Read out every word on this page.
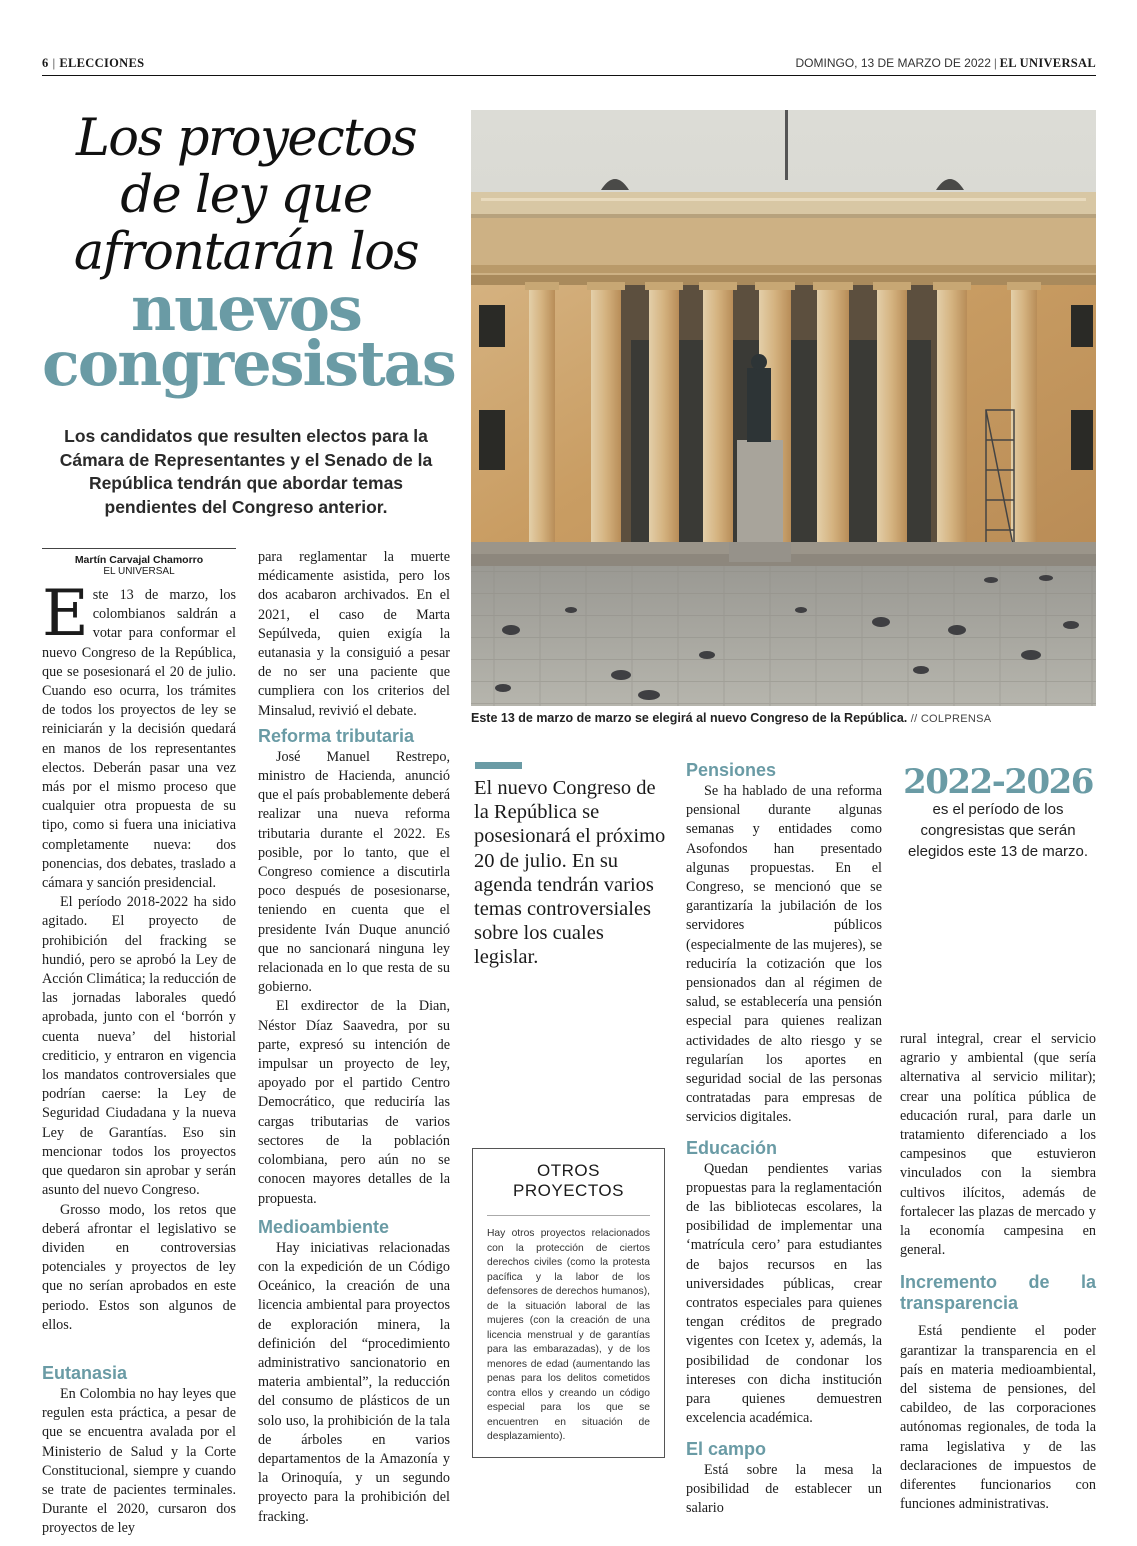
6 | ELECCIONES	DOMINGO, 13 DE MARZO DE 2022 | EL UNIVERSAL
Los proyectos
de ley que
afrontarán los
nuevos
congresistas
Los candidatos que resulten electos para la Cámara de Representantes y el Senado de la República tendrán que abordar temas pendientes del Congreso anterior.
Este 13 de marzo de marzo se elegirá al nuevo Congreso de la República. // COLPRENSA
Martín Carvajal Chamorro
EL UNIVERSAL

Este 13 de marzo, los colombianos saldrán a votar para conformar el nuevo Congreso de la República, que se posesionará el 20 de julio. Cuando eso ocurra, los trámites de todos los proyectos de ley se reiniciarán y la decisión quedará en manos de los representantes electos. Deberán pasar una vez más por el mismo proceso que cualquier otra propuesta de su tipo, como si fuera una iniciativa completamente nueva: dos ponencias, dos debates, traslado a cámara y sanción presidencial.

El período 2018-2022 ha sido agitado. El proyecto de prohibición del fracking se hundió, pero se aprobó la Ley de Acción Climática; la reducción de las jornadas laborales quedó aprobada, junto con el ‘borrón y cuenta nueva’ del historial crediticio, y entraron en vigencia los mandatos controversiales que podrían caerse: la Ley de Seguridad Ciudadana y la nueva Ley de Garantías. Eso sin mencionar todos los proyectos que quedaron sin aprobar y serán asunto del nuevo Congreso.

Grosso modo, los retos que deberá afrontar el legislativo se dividen en controversias potenciales y proyectos de ley que no serían aprobados en este periodo. Estos son algunos de ellos.

Eutanasia

En Colombia no hay leyes que regulen esta práctica, a pesar de que se encuentra avalada por el Ministerio de Salud y la Corte Constitucional, siempre y cuando se trate de pacientes terminales. Durante el 2020, cursaron dos proyectos de ley

para reglamentar la muerte médicamente asistida, pero los dos acabaron archivados. En el 2021, el caso de Marta Sepúlveda, quien exigía la eutanasia y la consiguió a pesar de no ser una paciente que cumpliera con los criterios del Minsalud, revivió el debate.

Reforma tributaria

José Manuel Restrepo, ministro de Hacienda, anunció que el país probablemente deberá realizar una nueva reforma tributaria durante el 2022. Es posible, por lo tanto, que el Congreso comience a discutirla poco después de posesionarse, teniendo en cuenta que el presidente Iván Duque anunció que no sancionará ninguna ley relacionada en lo que resta de su gobierno.

El exdirector de la Dian, Néstor Díaz Saavedra, por su parte, expresó su intención de impulsar un proyecto de ley, apoyado por el partido Centro Democrático, que reduciría las cargas tributarias de varios sectores de la población colombiana, pero aún no se conocen mayores detalles de la propuesta.

Medioambiente

Hay iniciativas relacionadas con la expedición de un Código Oceánico, la creación de una licencia ambiental para proyectos de exploración minera, la definición del “procedimiento administrativo sancionatorio en materia ambiental”, la reducción del consumo de plásticos de un solo uso, la prohibición de la tala de árboles en varios departamentos de la Amazonía y la Orinoquía, y un segundo proyecto para la prohibición del fracking.

El nuevo Congreso de la República se posesionará el próximo 20 de julio. En su agenda tendrán varios temas controversiales sobre los cuales legislar.
OTROS PROYECTOS
Hay otros proyectos relacionados con la protección de ciertos derechos civiles (como la protesta pacífica y la labor de los defensores de derechos humanos), de la situación laboral de las mujeres (con la creación de una licencia menstrual y de garantías para las embarazadas), y de los menores de edad (aumentando las penas para los delitos cometidos contra ellos y creando un código especial para los que se encuentren en situación de desplazamiento).
Pensiones

Se ha hablado de una reforma pensional durante algunas semanas y entidades como Asofondos han presentado algunas propuestas. En el Congreso, se mencionó que se garantizaría la jubilación de los servidores públicos (especialmente de las mujeres), se reduciría la cotización que los pensionados dan al régimen de salud, se establecería una pensión especial para quienes realizan actividades de alto riesgo y se regularían los aportes en seguridad social de las personas contratadas para empresas de servicios digitales.

Educación

Quedan pendientes varias propuestas para la reglamentación de las bibliotecas escolares, la posibilidad de implementar una ‘matrícula cero’ para estudiantes de bajos recursos en las universidades públicas, crear contratos especiales para quienes tengan créditos de pregrado vigentes con Icetex y, además, la posibilidad de condonar los intereses con dicha institución para quienes demuestren excelencia académica.

El campo

Está sobre la mesa la posibilidad de establecer un salario

2022-2026
es el período de los congresistas que serán elegidos este 13 de marzo.

rural integral, crear el servicio agrario y ambiental (que sería alternativa al servicio militar); crear una política pública de educación rural, para darle un tratamiento diferenciado a los campesinos que estuvieron vinculados con la siembra cultivos ilícitos, además de fortalecer las plazas de mercado y la economía campesina en general.

Incremento de la transparencia

Está pendiente el poder garantizar la transparencia en el país en materia medioambiental, del sistema de pensiones, del cabildeo, de las corporaciones autónomas regionales, de toda la rama legislativa y de las declaraciones de impuestos de diferentes funcionarios con funciones administrativas.
